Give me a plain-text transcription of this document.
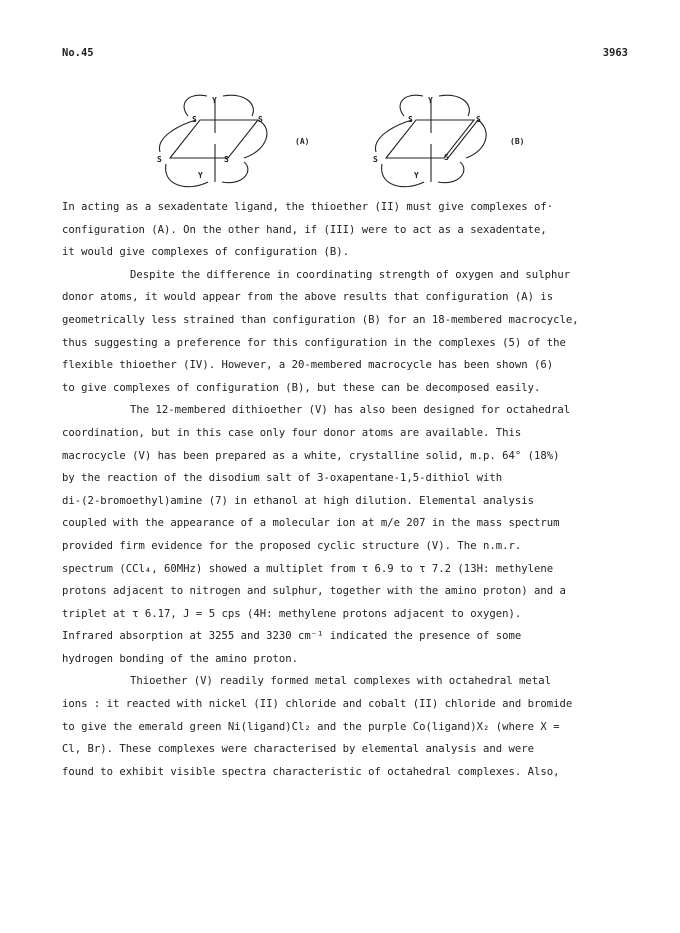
No.45	3963
Y
S	S
S	S
Y
(A)
Y
S	S
S	S
Y
(B)
In acting as a sexadentate ligand, the thioether (II) must give complexes of·
configuration (A). On the other hand, if (III) were to act as a sexadentate,
it would give complexes of configuration (B).
Despite the difference in coordinating strength of oxygen and sulphur
donor atoms, it would appear from the above results that configuration (A) is
geometrically less strained than configuration (B) for an 18-membered macrocycle,
thus suggesting a preference for this configuration in the complexes (5) of the
flexible thioether (IV). However, a 20-membered macrocycle has been shown (6)
to give complexes of configuration (B), but these can be decomposed easily.
The 12-membered dithioether (V) has also been designed for octahedral
coordination, but in this case only four donor atoms are available. This
macrocycle (V) has been prepared as a white, crystalline solid, m.p. 64° (18%)
by the reaction of the disodium salt of 3-oxapentane-1,5-dithiol with
di-(2-bromoethyl)amine (7) in ethanol at high dilution. Elemental analysis
coupled with the appearance of a molecular ion at m/e 207 in the mass spectrum
provided firm evidence for the proposed cyclic structure (V). The n.m.r.
spectrum (CCl₄, 60MHz) showed a multiplet from τ 6.9 to τ 7.2 (13H: methylene
protons adjacent to nitrogen and sulphur, together with the amino proton) and a
triplet at τ 6.17, J = 5 cps (4H: methylene protons adjacent to oxygen).
Infrared absorption at 3255 and 3230 cm⁻¹ indicated the presence of some
hydrogen bonding of the amino proton.
Thioether (V) readily formed metal complexes with octahedral metal
ions : it reacted with nickel (II) chloride and cobalt (II) chloride and bromide
to give the emerald green Ni(ligand)Cl₂ and the purple Co(ligand)X₂ (where X =
Cl, Br). These complexes were characterised by elemental analysis and were
found to exhibit visible spectra characteristic of octahedral complexes. Also,
